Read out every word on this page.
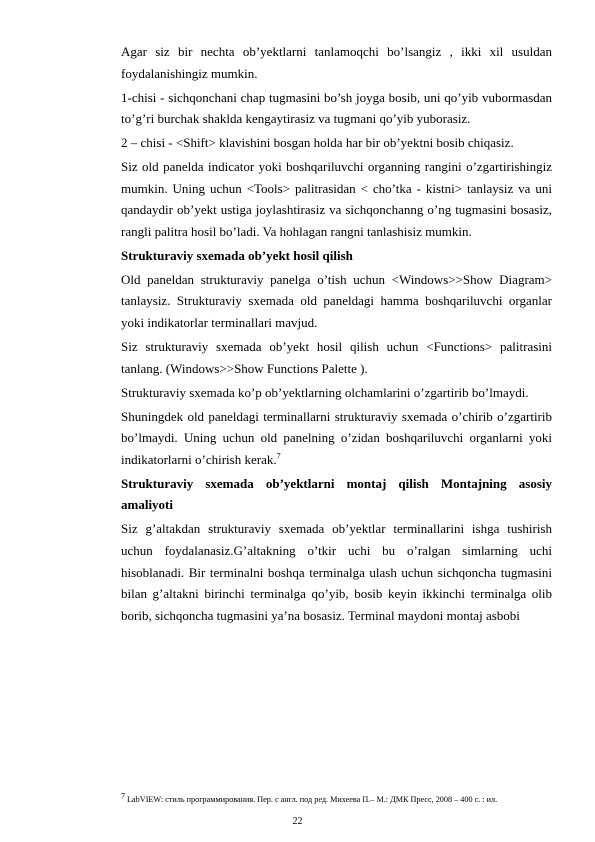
Agar siz bir nechta ob’yektlarni tanlamoqchi bo’lsangiz , ikki xil usuldan foydalanishingiz mumkin.

1-chisi - sichqonchani chap tugmasini bo’sh joyga bosib, uni qo’yib vubormasdan to’g’ri burchak shaklda kengaytirasiz va tugmani qo’yib yuborasiz.

2 – chisi - <Shift> klavishini bosgan holda har bir ob’yektni bosib chiqasiz.

Siz old panelda indicator yoki boshqariluvchi organning rangini o’zgartirishingiz mumkin. Uning uchun <Tools> palitrasidan < cho’tka - kistni> tanlaysiz va uni qandaydir ob’yekt ustiga joylashtirasiz va sichqonchanng o’ng tugmasini bosasiz, rangli palitra hosil bo’ladi. Va hohlagan rangni tanlashisiz mumkin.

Strukturaviy sxemada ob’yekt hosil qilish

Old paneldan strukturaviy panelga o’tish uchun <Windows>>Show Diagram> tanlaysiz. Strukturaviy sxemada old paneldagi hamma boshqariluvchi organlar yoki indikatorlar terminallari mavjud.

Siz strukturaviy sxemada ob’yekt hosil qilish uchun <Functions> palitrasini tanlang. (Windows>>Show Functions Palette ).

Strukturaviy sxemada ko’p ob’yektlarning olchamlarini o’zgartirib bo’lmaydi.

Shuningdek old paneldagi terminallarni strukturaviy sxemada o’chirib o’zgartirib bo’lmaydi. Uning uchun old panelning o’zidan boshqariluvchi organlarni yoki indikatorlarni o’chirish kerak.$^7$

Strukturaviy sxemada ob’yektlarni montaj qilish Montajning asosiy amaliyoti

Siz g’altakdan strukturaviy sxemada ob’yektlar terminallarini ishga tushirish uchun foydalanasiz.G’altakning o’tkir uchi bu o’ralgan simlarning uchi hisoblanadi. Bir terminalni boshqa terminalga ulash uchun sichqoncha tugmasini bilan g’altakni birinchi terminalga qo’yib, bosib keyin ikkinchi terminalga olib borib, sichqoncha tugmasini ya’na bosasiz. Terminal maydoni montaj asbobi

$^7$ LabVIEW: стиль программирования. Пер. с англ. под ред. Михеева П.– М.: ДМК Пресс, 2008 – 400 с. : ил.
22
